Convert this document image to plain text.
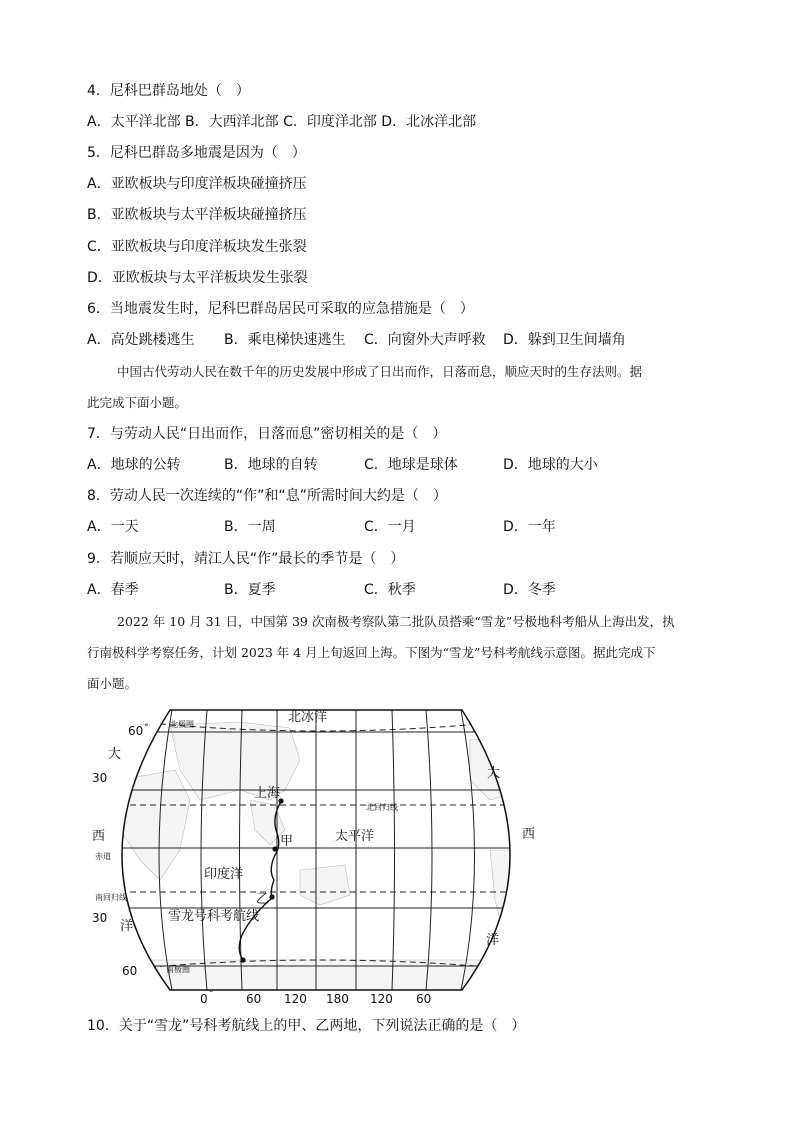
4．尼科巴群岛地处（　）
A．太平洋北部 B．大西洋北部 C．印度洋北部 D．北冰洋北部
5．尼科巴群岛多地震是因为（　）
A．亚欧板块与印度洋板块碰撞挤压
B．亚欧板块与太平洋板块碰撞挤压
C．亚欧板块与印度洋板块发生张裂
D．亚欧板块与太平洋板块发生张裂
6．当地震发生时，尼科巴群岛居民可采取的应急措施是（　）
A．高处跳楼逃生 B．乘电梯快速逃生 C．向窗外大声呼救 D．躲到卫生间墙角
中国古代劳动人民在数千年的历史发展中形成了日出而作，日落而息，顺应天时的生存法则。据
此完成下面小题。
7．与劳动人民“日出而作，日落而息”密切相关的是（　）
A．地球的公转	B．地球的自转	C．地球是球体	D．地球的大小
8．劳动人民一次连续的“作”和“息”所需时间大约是（　）
A．一天	B．一周	C．一月	D．一年
9．若顺应天时，靖江人民“作”最长的季节是（　）
A．春季	B．夏季	C．秋季	D．冬季
2022 年 10 月 31 日，中国第 39 次南极考察队第二批队员搭乘“雪龙”号极地科考船从上海出发，执
行南极科学考察任务，计划 2023 年 4 月上旬返回上海。下图为“雪龙”号科考航线示意图。据此完成下
面小题。
北冰洋
上海
甲
乙
太平洋
印度洋
雪龙号科考航线
大
西
洋
大
西
洋
北极圈
北回归线
赤道
南回归线
南极圈
60 °
30
30
60
0 °	60 120 180 120 60
10．关于“雪龙”号科考航线上的甲、乙两地，下列说法正确的是（　）
